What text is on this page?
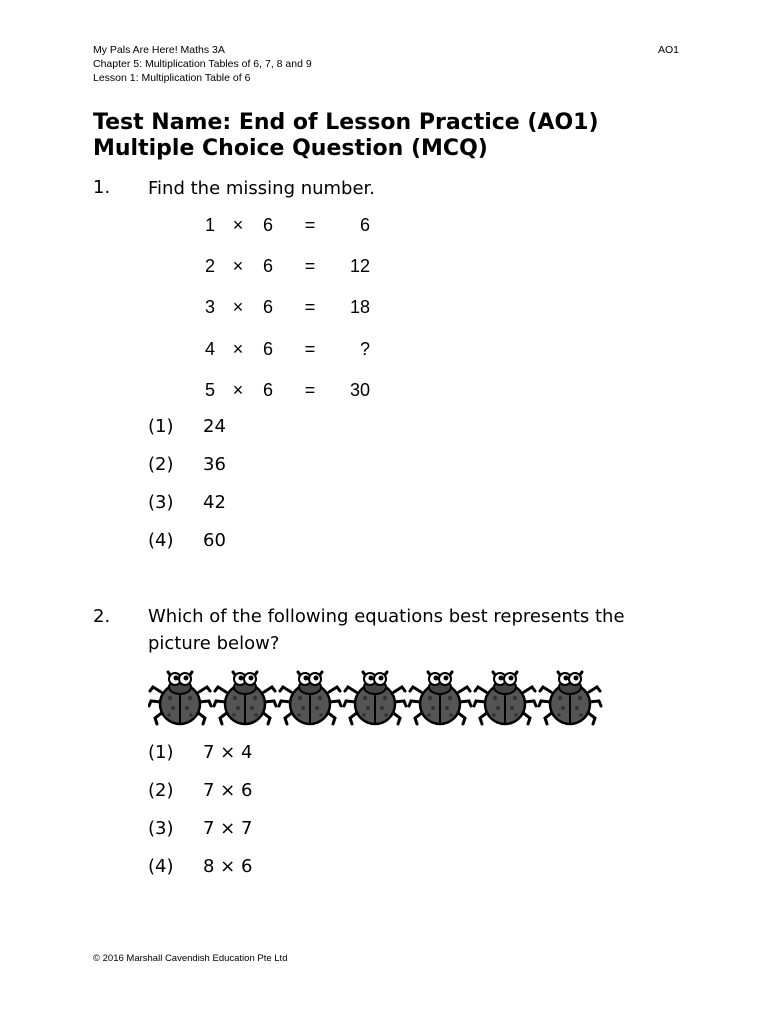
My Pals Are Here! Maths 3A
Chapter 5: Multiplication Tables of 6, 7, 8 and 9
Lesson 1: Multiplication Table of 6
AO1
Test Name: End of Lesson Practice (AO1)
Multiple Choice Question (MCQ)
1. Find the missing number.
1 × 6 =	6
2 × 6 =	12
3 × 6 =	18
4 × 6 =	?
5 × 6 =	30
(1) 24
(2) 36
(3) 42
(4) 60
2. Which of the following equations best represents the picture below?
(1) 7 × 4
(2) 7 × 6
(3) 7 × 7
(4) 8 × 6
© 2016 Marshall Cavendish Education Pte Ltd
